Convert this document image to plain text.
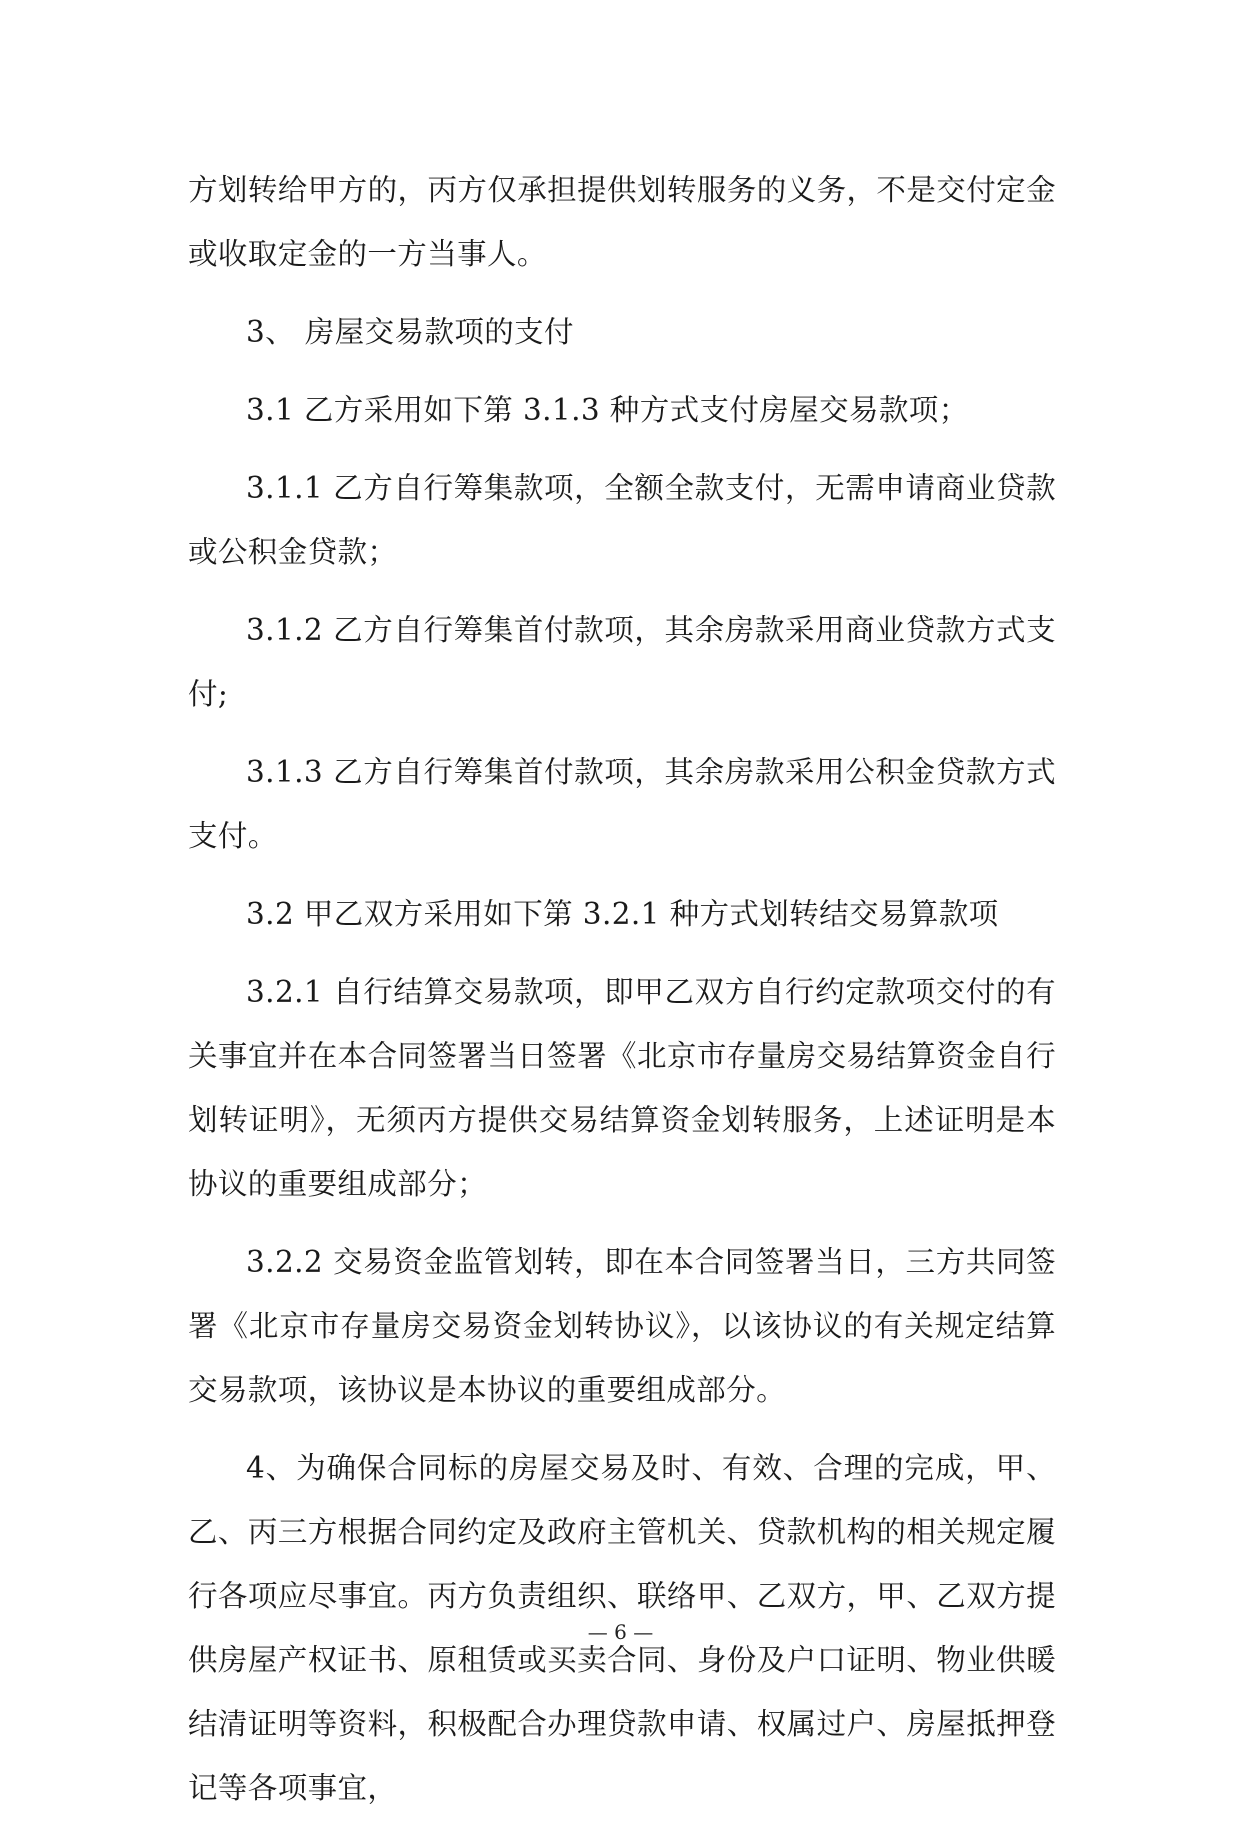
方划转给甲方的，丙方仅承担提供划转服务的义务，不是交付定金或收取定金的一方当事人。

3、 房屋交易款项的支付

3.1 乙方采用如下第 3.1.3 种方式支付房屋交易款项；

3.1.1 乙方自行筹集款项，全额全款支付，无需申请商业贷款或公积金贷款；

3.1.2 乙方自行筹集首付款项，其余房款采用商业贷款方式支付;

3.1.3 乙方自行筹集首付款项，其余房款采用公积金贷款方式支付。

3.2 甲乙双方采用如下第 3.2.1 种方式划转结交易算款项

3.2.1 自行结算交易款项，即甲乙双方自行约定款项交付的有关事宜并在本合同签署当日签署《北京市存量房交易结算资金自行划转证明》，无须丙方提供交易结算资金划转服务，上述证明是本协议的重要组成部分；

3.2.2 交易资金监管划转，即在本合同签署当日，三方共同签署《北京市存量房交易资金划转协议》，以该协议的有关规定结算交易款项，该协议是本协议的重要组成部分。

4、为确保合同标的房屋交易及时、有效、合理的完成，甲、乙、丙三方根据合同约定及政府主管机关、贷款机构的相关规定履行各项应尽事宜。丙方负责组织、联络甲、乙双方，甲、乙双方提供房屋产权证书、原租赁或买卖合同、身份及户口证明、物业供暖结清证明等资料，积极配合办理贷款申请、权属过户、房屋抵押登记等各项事宜，

— 6 —
